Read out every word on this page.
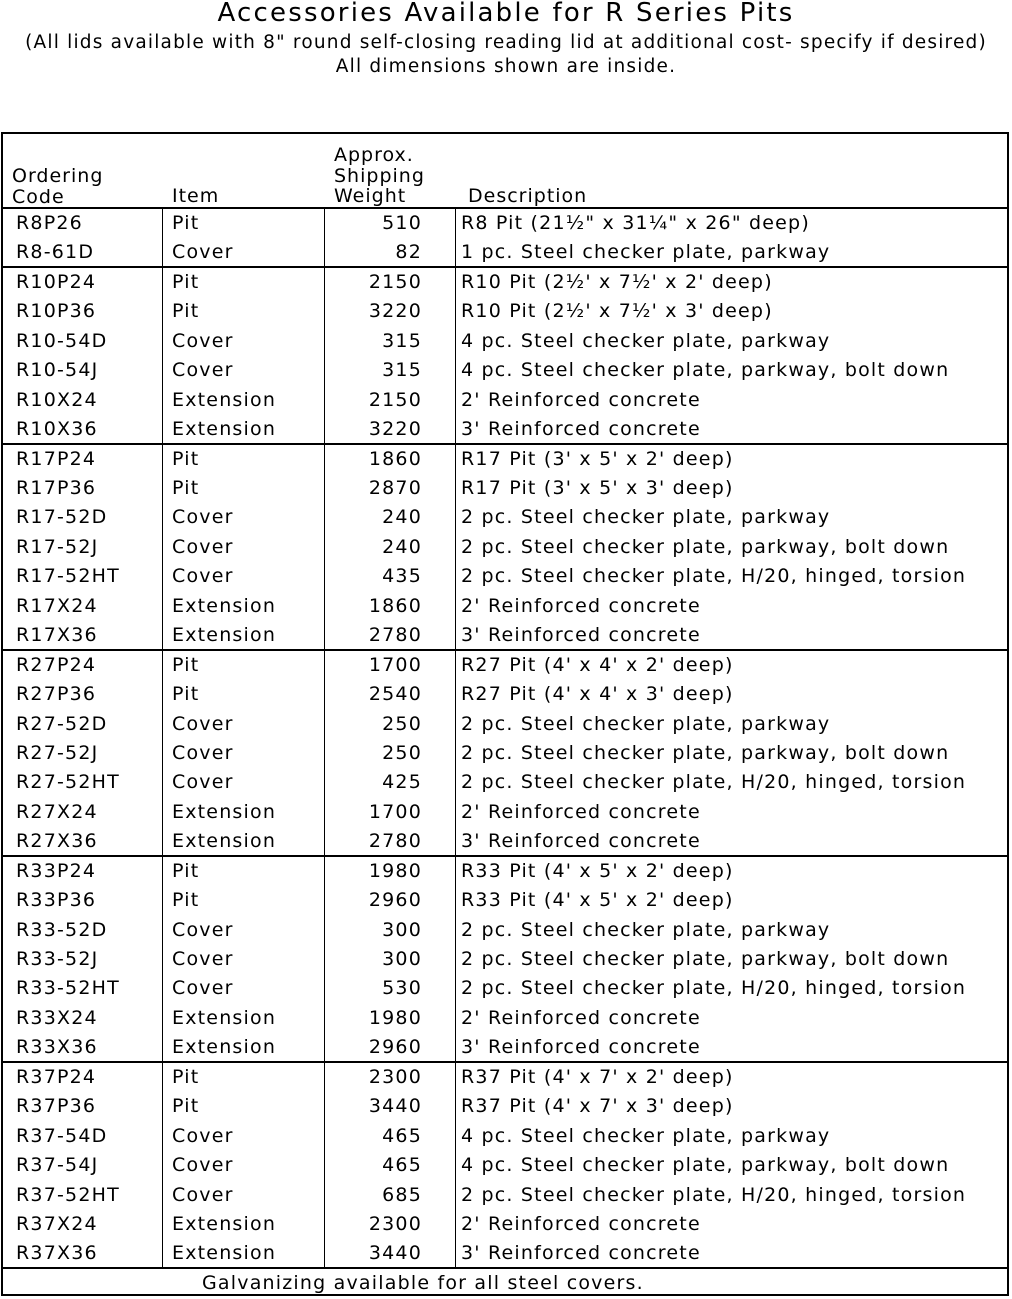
Accessories Available for R Series Pits
(All lids available with 8" round self-closing reading lid at additional cost- specify if desired)
All dimensions shown are inside.
Ordering
Code	Item
Approx.
Shipping
Weight	Description
R8P26	Pit	510 R8 Pit (21½" x 31¼" x 26" deep)
R8-61D	Cover	82 1 pc. Steel checker plate, parkway
R10P24	Pit	2150 R10 Pit (2½' x 7½' x 2' deep)
R10P36	Pit	3220 R10 Pit (2½' x 7½' x 3' deep)
R10-54D	Cover	315 4 pc. Steel checker plate, parkway
R10-54J	Cover	315 4 pc. Steel checker plate, parkway, bolt down
R10X24	Extension	2150 2' Reinforced concrete
R10X36	Extension	3220 3' Reinforced concrete
R17P24	Pit	1860 R17 Pit (3' x 5' x 2' deep)
R17P36	Pit	2870 R17 Pit (3' x 5' x 3' deep)
R17-52D	Cover	240 2 pc. Steel checker plate, parkway
R17-52J	Cover	240 2 pc. Steel checker plate, parkway, bolt down
R17-52HT	Cover	435 2 pc. Steel checker plate, H/20, hinged, torsion
R17X24	Extension	1860 2' Reinforced concrete
R17X36	Extension	2780 3' Reinforced concrete
R27P24	Pit	1700 R27 Pit (4' x 4' x 2' deep)
R27P36	Pit	2540 R27 Pit (4' x 4' x 3' deep)
R27-52D	Cover	250 2 pc. Steel checker plate, parkway
R27-52J	Cover	250 2 pc. Steel checker plate, parkway, bolt down
R27-52HT	Cover	425 2 pc. Steel checker plate, H/20, hinged, torsion
R27X24	Extension	1700 2' Reinforced concrete
R27X36	Extension	2780 3' Reinforced concrete
R33P24	Pit	1980 R33 Pit (4' x 5' x 2' deep)
R33P36	Pit	2960 R33 Pit (4' x 5' x 2' deep)
R33-52D	Cover	300 2 pc. Steel checker plate, parkway
R33-52J	Cover	300 2 pc. Steel checker plate, parkway, bolt down
R33-52HT	Cover	530 2 pc. Steel checker plate, H/20, hinged, torsion
R33X24	Extension	1980 2' Reinforced concrete
R33X36	Extension	2960 3' Reinforced concrete
R37P24	Pit	2300 R37 Pit (4' x 7' x 2' deep)
R37P36	Pit	3440 R37 Pit (4' x 7' x 3' deep)
R37-54D	Cover	465 4 pc. Steel checker plate, parkway
R37-54J	Cover	465 4 pc. Steel checker plate, parkway, bolt down
R37-52HT	Cover	685 2 pc. Steel checker plate, H/20, hinged, torsion
R37X24	Extension	2300 2' Reinforced concrete
R37X36	Extension	3440 3' Reinforced concrete
Galvanizing available for all steel covers.
